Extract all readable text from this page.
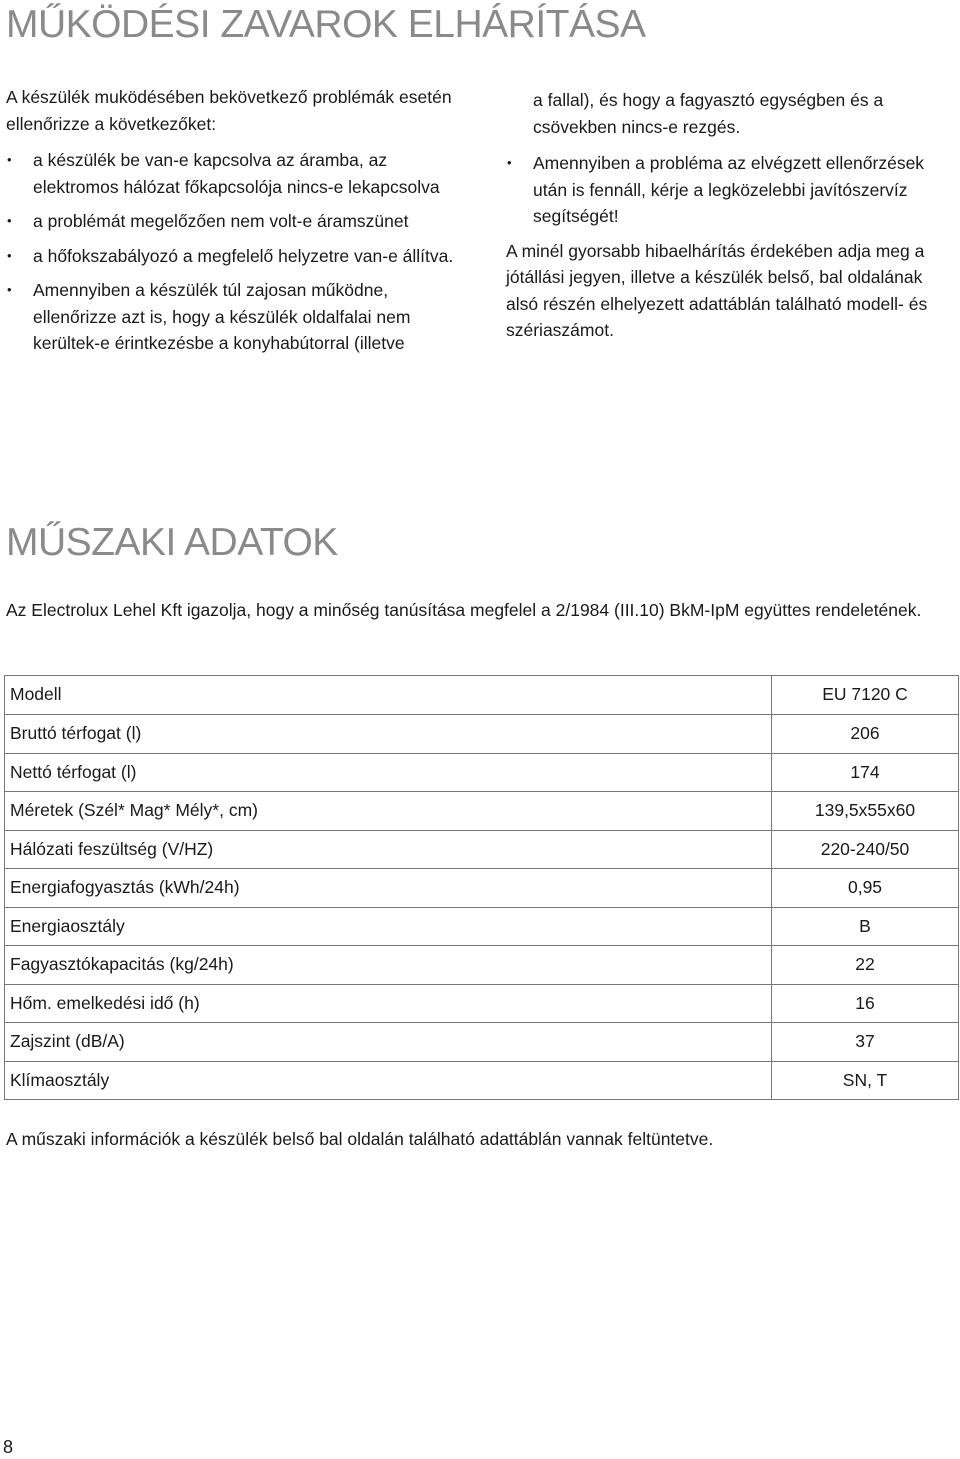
MŰKÖDÉSI ZAVAROK ELHÁRÍTÁSA

A készülék muködésében bekövetkező problémák esetén ellenőrizze a következőket:

• a készülék be van-e kapcsolva az áramba, az elektromos hálózat főkapcsolója nincs-e lekapcsolva
• a problémát megelőzően nem volt-e áramszünet
• a hőfokszabályozó a megfelelő helyzetre van-e állítva.
• Amennyiben a készülék túl zajosan működne, ellenőrizze azt is, hogy a készülék oldalfalai nem kerültek-e érintkezésbe a konyhabútorral (illetve

a fallal), és hogy a fagyasztó egységben és a csövekben nincs-e rezgés.

• Amennyiben a probléma az elvégzett ellenőrzések után is fennáll, kérje a legközelebbi javítószervíz segítségét!

A minél gyorsabb hibaelhárítás érdekében adja meg a jótállási jegyen, illetve a készülék belső, bal oldalának alsó részén elhelyezett adattáblán található modell- és szériaszámot.

MŰSZAKI ADATOK

Az Electrolux Lehel Kft igazolja, hogy a minőség tanúsítása megfelel a 2/1984 (III.10) BkM-IpM együttes rendeletének.

Modell	EU 7120 C
Bruttó térfogat (l)	206
Nettó térfogat (l)	174
Méretek (Szél* Mag* Mély*, cm)	139,5x55x60
Hálózati feszültség (V/HZ)	220-240/50
Energiafogyasztás (kWh/24h)	0,95
Energiaosztály	B
Fagyasztókapacitás (kg/24h)	22
Hőm. emelkedési idő (h)	16
Zajszint (dB/A)	37
Klímaosztály	SN, T

A műszaki információk a készülék belső bal oldalán található adattáblán vannak feltüntetve.

8
